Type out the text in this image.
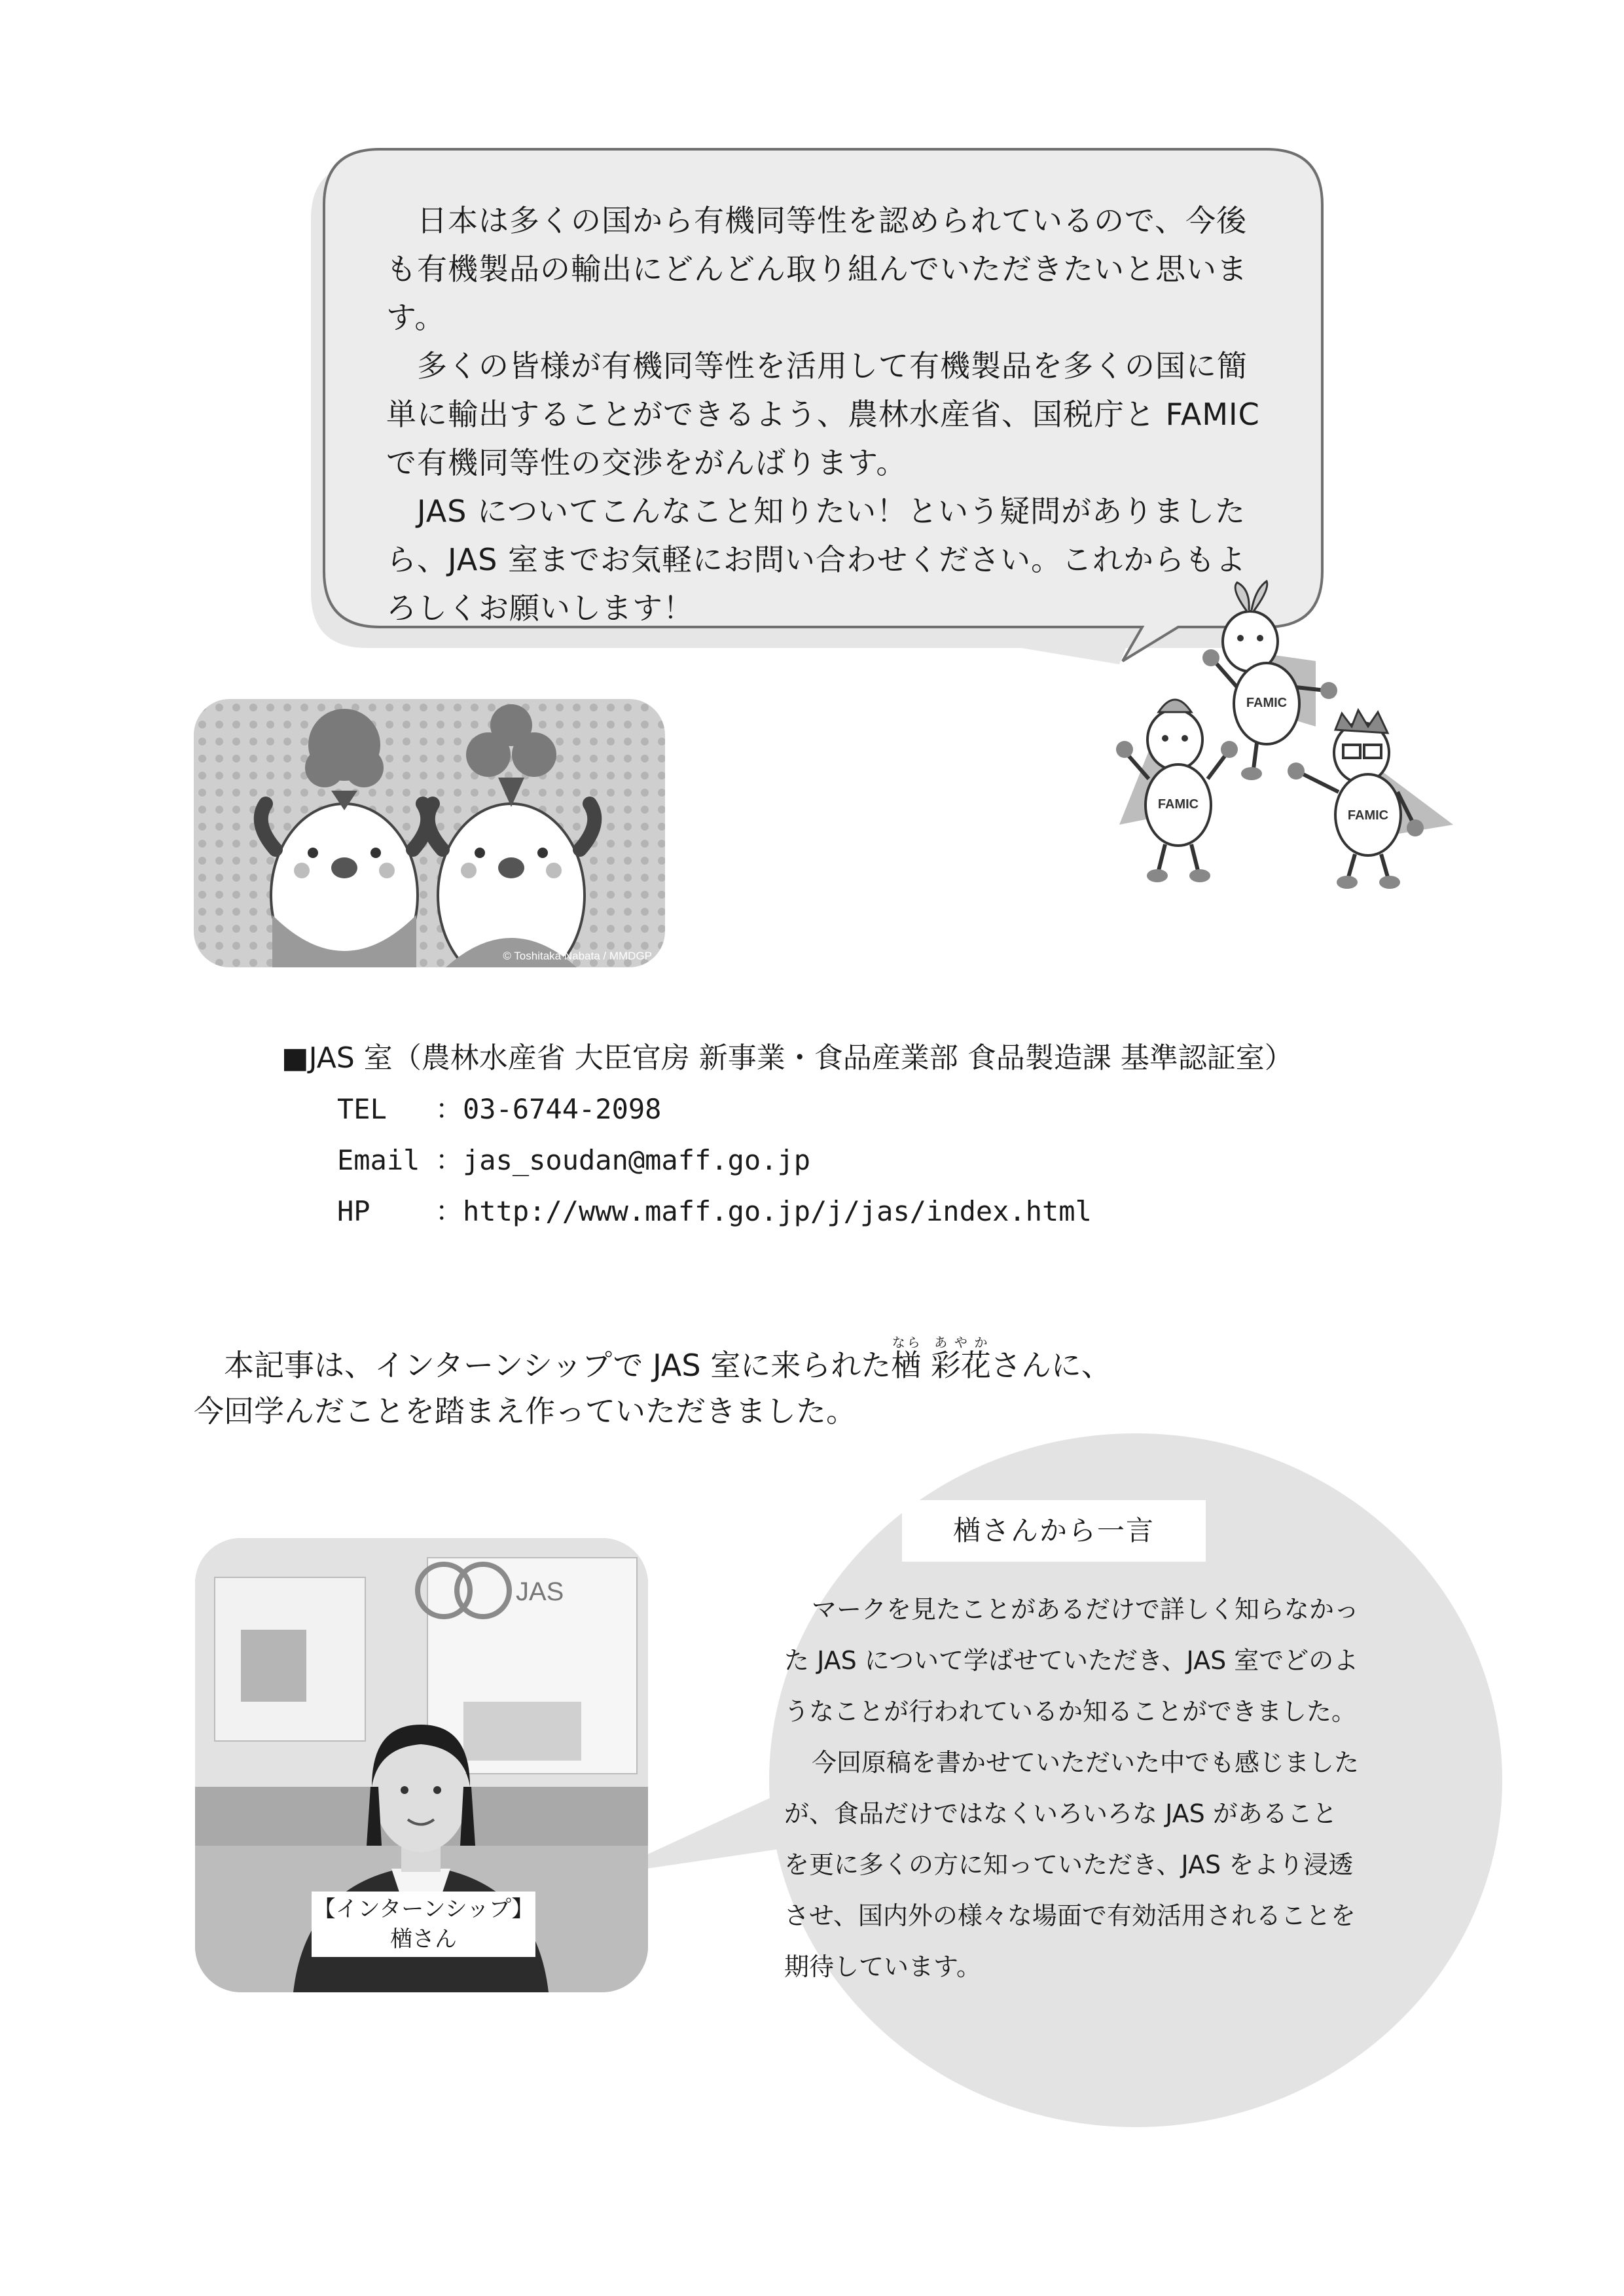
日本は多くの国から有機同等性を認められているので、今後も有機製品の輸出にどんどん取り組んでいただきたいと思います。

多くの皆様が有機同等性を活用して有機製品を多くの国に簡単に輸出することができるよう、農林水産省、国税庁と FAMIC で有機同等性の交渉をがんばります。

JAS についてこんなこと知りたい！という疑問がありましたら、JAS 室までお気軽にお問い合わせください。これからもよろしくお願いします！

© Toshitaka Nabata / MMDGP
FAMIC
FAMIC
FAMIC
■JAS 室（農林水産省 大臣官房 新事業・食品産業部 食品製造課 基準認証室）
TEL ：03-6744-2098
Email ：jas_soudan@maff.go.jp
HP ：http://www.maff.go.jp/j/jas/index.html
本記事は、インターンシップで JAS 室に来られた楢なら 彩花あやかさんに、
今回学んだことを踏まえ作っていただきました。
JAS
【インターンシップ】
楢さん
楢さんから一言

マークを見たことがあるだけで詳しく知らなかった JAS について学ばせていただき、JAS 室でどのようなことが行われているか知ることができました。

今回原稿を書かせていただいた中でも感じましたが、食品だけではなくいろいろな JAS があることを更に多くの方に知っていただき、JAS をより浸透させ、国内外の様々な場面で有効活用されることを期待しています。
